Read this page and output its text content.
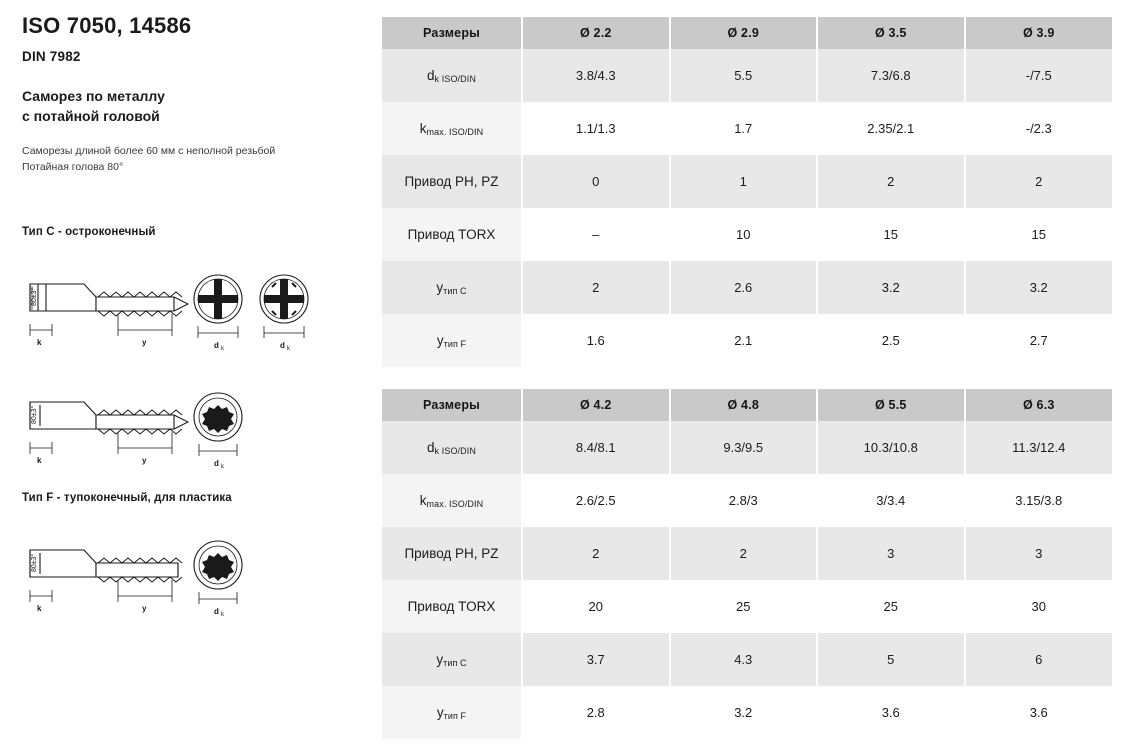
ISO 7050, 14586
DIN 7982
Саморез по металлу
с потайной головой
Саморезы длиной более 60 мм с неполной резьбой
Потайная голова 80°
Тип C - остроконечный
80±3°
k	y	d k	d k
80±3°
k	y	d k
Тип F - тупоконечный, для пластика
80±3°
k	y	d k
Размеры	Ø 2.2	Ø 2.9	Ø 3.5	Ø 3.9
dk ISO/DIN	3.8/4.3	5.5	7.3/6.8	-/7.5
kmax. ISO/DIN	1.1/1.3	1.7	2.35/2.1	-/2.3
Привод PH, PZ	0	1	2	2
Привод TORX	–	10	15	15
yтип C	2	2.6	3.2	3.2
yтип F	1.6	2.1	2.5	2.7
Размеры	Ø 4.2	Ø 4.8	Ø 5.5	Ø 6.3
dk ISO/DIN	8.4/8.1	9.3/9.5	10.3/10.8	11.3/12.4
kmax. ISO/DIN	2.6/2.5	2.8/3	3/3.4	3.15/3.8
Привод PH, PZ	2	2	3	3
Привод TORX	20	25	25	30
yтип C	3.7	4.3	5	6
yтип F	2.8	3.2	3.6	3.6
